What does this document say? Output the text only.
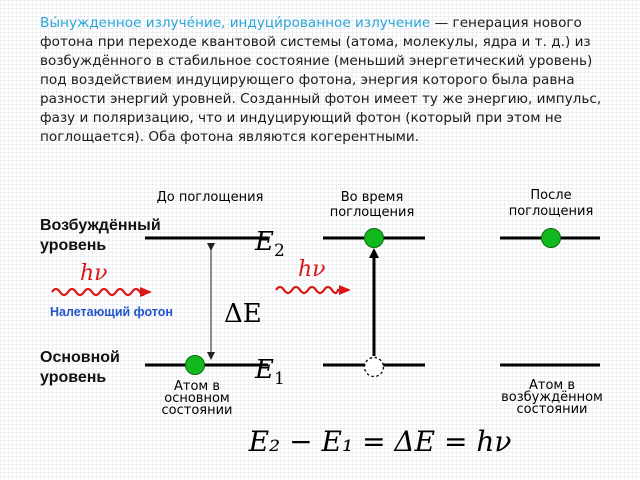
Вы́нужденное излуче́ние, индуци́рованное излучение — генерация нового фотона при переходе квантовой системы (атома, молекулы, ядра и т. д.) из возбуждённого в стабильное состояние (меньший энергетический уровень) под воздействием индуцирующего фотона, энергия которого была равна разности энергий уровней. Созданный фотон имеет ту же энергию, импульс, фазу и поляризацию, что и индуцирующий фотон (который при этом не поглощается). Оба фотона являются когерентными.
До поглощения	Во время
поглощения
После
поглощения
Возбуждённый
уровень
Основной
уровень
$E_2$
ΔE
$E_1$
hν
Налетающий фотон
hν
Атом в
основном
состоянии
Атом в
возбуждённом
состоянии
E₂ − E₁ = ΔE = hν
